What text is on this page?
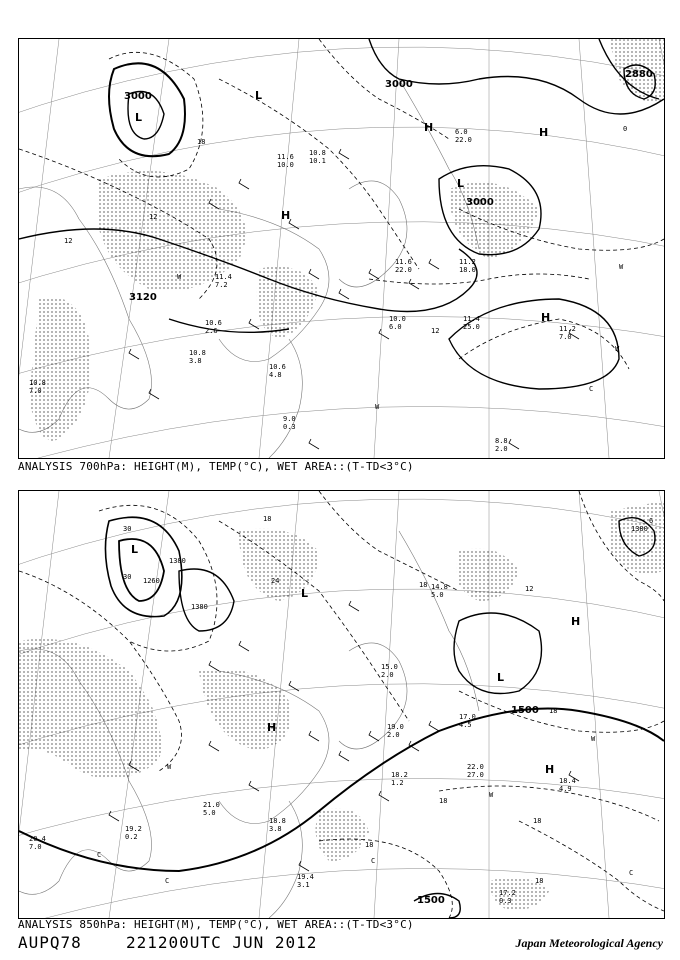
3000
3000
3000
2880
3120
12
12
18
12
0
H	H
H
H
L
L
L
W
W
W
W
C
11.6 10.0
10.8 10.1
10.6 2.6
11.4 7.2
10.8 3.8
10.8 7.0
10.6 4.8
9.0 0.3
11.4 25.0	11.2 7.0
8.8 2.0
11.6 22.0
11.2 18.0
10.0 6.0
6.0 22.0
ANALYSIS 700hPa: HEIGHT(M), TEMP(°C), WET AREA::(T-TD<3°C)
1260
1380
1380
1380
1500
1500
30
30	24
18
18
18
12
6
18
18
18
18
H
H
H
L
L
L
W
W
W
C
C
C
C
22.0 27.0
18.4 4.9
17.2 0.3
18.2 1.2
19.4 3.1
18.8 3.8
19.2 0.2
20.4 7.0
21.0 5.0
17.0 4.5
19.0 2.0
14.8 5.0
15.0 2.0
ANALYSIS 850hPa: HEIGHT(M), TEMP(°C), WET AREA::(T-TD<3°C)
AUPQ78	221200UTC JUN 2012	Japan Meteorological Agency
